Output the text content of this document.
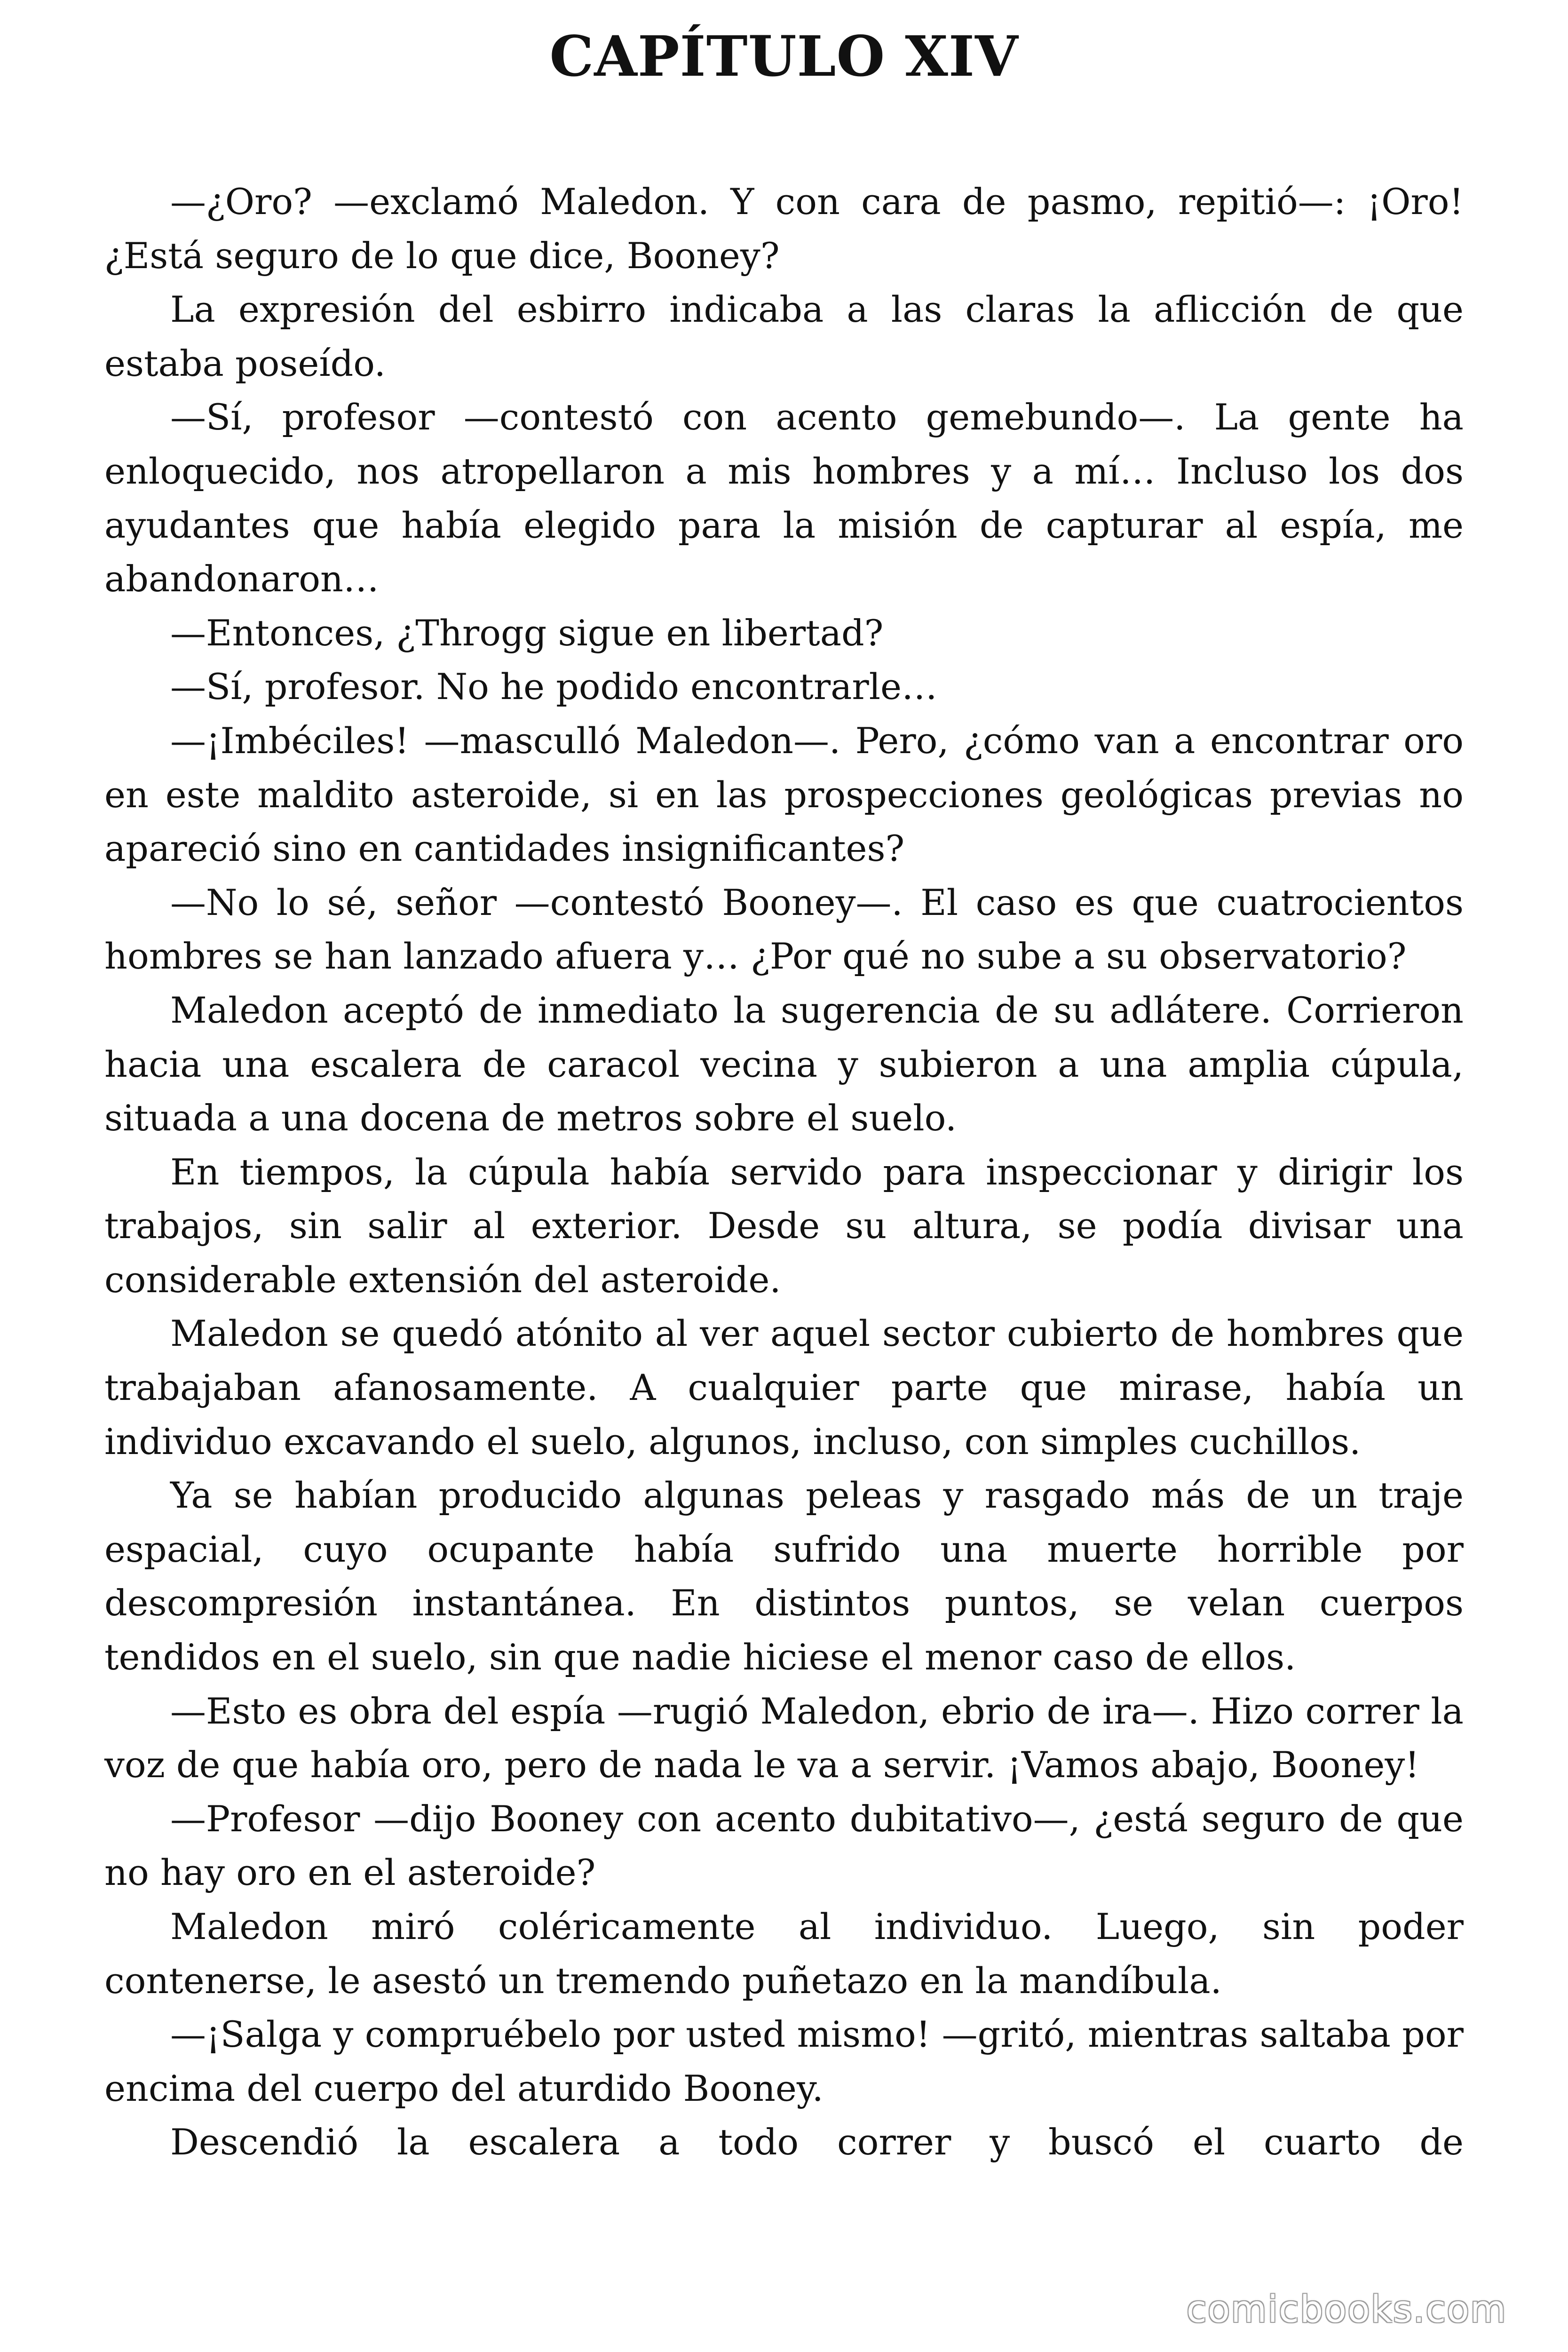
CAPÍTULO XIV

—¿Oro? —exclamó Maledon. Y con cara de pasmo, repitió—: ¡Oro! ¿Está seguro de lo que dice, Booney?

La expresión del esbirro indicaba a las claras la aflicción de que estaba poseído.

—Sí, profesor —contestó con acento gemebundo—. La gente ha enloquecido, nos atropellaron a mis hombres y a mí… Incluso los dos ayudantes que había elegido para la misión de capturar al espía, me abandonaron…

—Entonces, ¿Throgg sigue en libertad?

—Sí, profesor. No he podido encontrarle…

—¡Imbéciles! —masculló Maledon—. Pero, ¿cómo van a encontrar oro en este maldito asteroide, si en las prospecciones geológicas previas no apareció sino en cantidades insignificantes?

—No lo sé, señor —contestó Booney—. El caso es que cuatrocientos hombres se han lanzado afuera y… ¿Por qué no sube a su observatorio?

Maledon aceptó de inmediato la sugerencia de su adlátere. Corrieron hacia una escalera de caracol vecina y subieron a una amplia cúpula, situada a una docena de metros sobre el suelo.

En tiempos, la cúpula había servido para inspeccionar y dirigir los trabajos, sin salir al exterior. Desde su altura, se podía divisar una considerable extensión del asteroide.

Maledon se quedó atónito al ver aquel sector cubierto de hombres que trabajaban afanosamente. A cualquier parte que mirase, había un individuo excavando el suelo, algunos, incluso, con simples cuchillos.

Ya se habían producido algunas peleas y rasgado más de un traje espacial, cuyo ocupante había sufrido una muerte horrible por descompresión instantánea. En distintos puntos, se velan cuerpos tendidos en el suelo, sin que nadie hiciese el menor caso de ellos.

—Esto es obra del espía —rugió Maledon, ebrio de ira—. Hizo correr la voz de que había oro, pero de nada le va a servir. ¡Vamos abajo, Booney!

—Profesor —dijo Booney con acento dubitativo—, ¿está seguro de que no hay oro en el asteroide?

Maledon miró coléricamente al individuo. Luego, sin poder contenerse, le asestó un tremendo puñetazo en la mandíbula.

—¡Salga y compruébelo por usted mismo! —gritó, mientras saltaba por encima del cuerpo del aturdido Booney.

Descendió la escalera a todo correr y buscó el cuarto de

comicbooks.com
